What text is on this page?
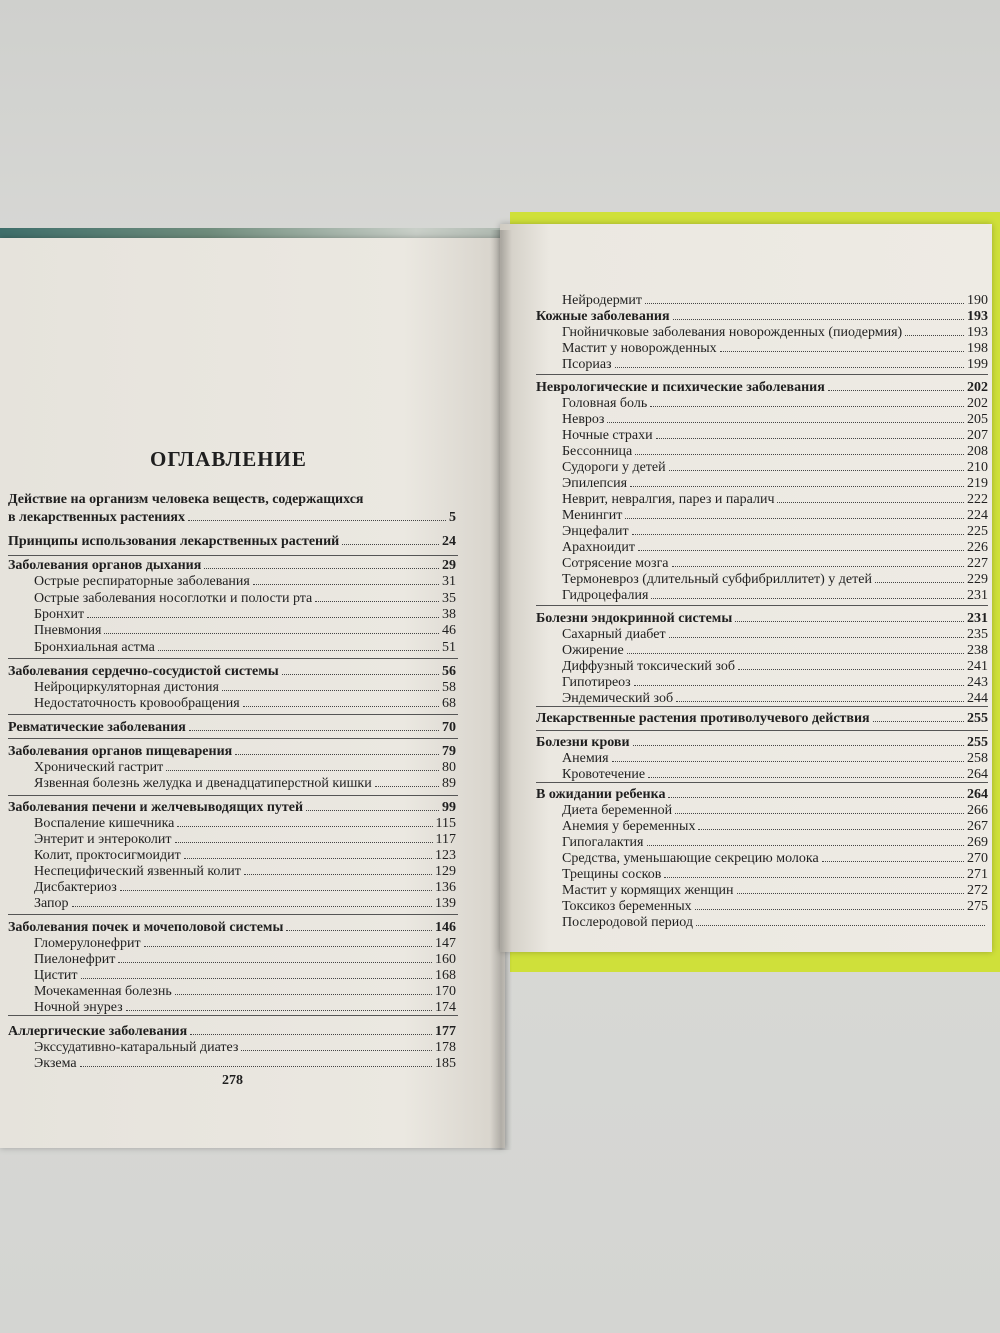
ОГЛАВЛЕНИЕ
Действие на организм человека веществ, содержащихся
в лекарственных растениях	5
Принципы использования лекарственных растений	24
Заболевания органов дыхания	29
Острые респираторные заболевания	31
Острые заболевания носоглотки и полости рта	35
Бронхит	38
Пневмония	46
Бронхиальная астма	51
Заболевания сердечно-сосудистой системы	56
Нейроциркуляторная дистония	58
Недостаточность кровообращения	68
Ревматические заболевания	70
Заболевания органов пищеварения	79
Хронический гастрит	80
Язвенная болезнь желудка и двенадцатиперстной кишки	89
Заболевания печени и желчевыводящих путей	99
Воспаление кишечника	115
Энтерит и энтероколит	117
Колит, проктосигмоидит	123
Неспецифический язвенный колит	129
Дисбактериоз	136
Запор	139
Заболевания почек и мочеполовой системы	146
Гломерулонефрит	147
Пиелонефрит	160
Цистит	168
Мочекаменная болезнь	170
Ночной энурез	174
Аллергические заболевания	177
Экссудативно-катаральный диатез	178
Экзема	185
Нейродермит	190
Кожные заболевания	193
Гнойничковые заболевания новорожденных (пиодермия)	193
Мастит у новорожденных	198
Псориаз	199
Неврологические и психические заболевания	202
Головная боль	202
Невроз	205
Ночные страхи	207
Бессонница	208
Судороги у детей	210
Эпилепсия	219
Неврит, невралгия, парез и паралич	222
Менингит	224
Энцефалит	225
Арахноидит	226
Сотрясение мозга	227
Термоневроз (длительный субфибриллитет) у детей	229
Гидроцефалия	231
Болезни эндокринной системы	231
Сахарный диабет	235
Ожирение	238
Диффузный токсический зоб	241
Гипотиреоз	243
Эндемический зоб	244
Лекарственные растения противолучевого действия	255
Болезни крови	255
Анемия	258
Кровотечение	264
В ожидании ребенка	264
Диета беременной	266
Анемия у беременных	267
Гипогалактия	269
Средства, уменьшающие секрецию молока	270
Трещины сосков	271
Мастит у кормящих женщин	272
Токсикоз беременных	275
Послеродовой период
278
